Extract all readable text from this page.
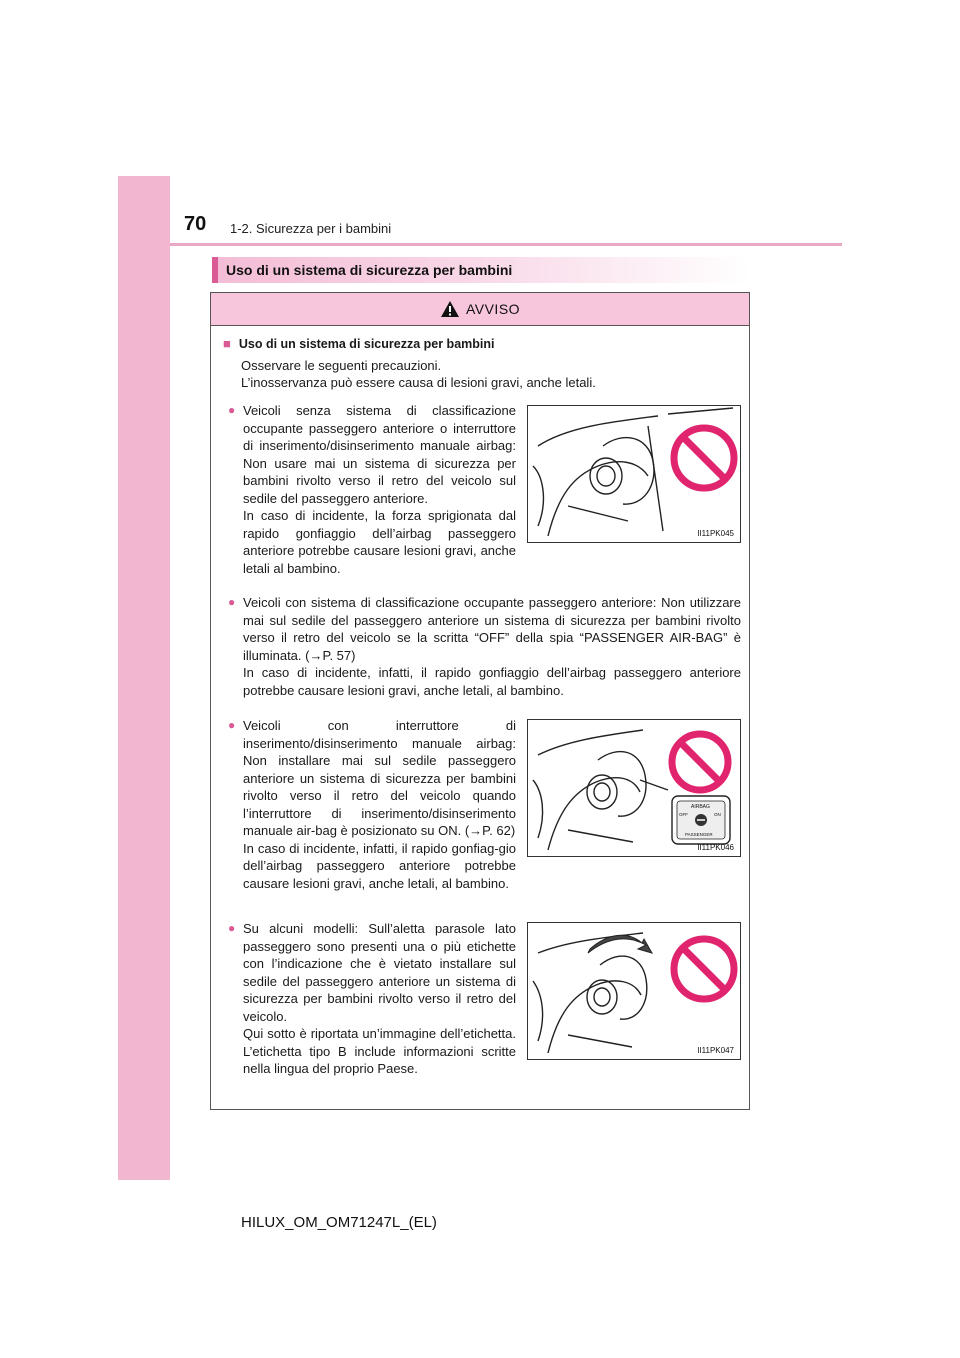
70 1-2. Sicurezza per i bambini
Uso di un sistema di sicurezza per bambini
AVVISO
■ Uso di un sistema di sicurezza per bambini
Osservare le seguenti precauzioni.
L’inosservanza può essere causa di lesioni gravi, anche letali.
● Veicoli senza sistema di classificazione occupante passeggero anteriore o interruttore di inserimento/disinserimento manuale airbag: Non usare mai un sistema di sicurezza per bambini rivolto verso il retro del veicolo sul sedile del passeggero anteriore.

In caso di incidente, la forza sprigionata dal rapido gonfiaggio dell’airbag passeggero anteriore potrebbe causare lesioni gravi, anche letali al bambino.

II11PK045
● Veicoli con sistema di classificazione occupante passeggero anteriore: Non utilizzare mai sul sedile del passeggero anteriore un sistema di sicurezza per bambini rivolto verso il retro del veicolo se la scritta “OFF” della spia “PASSENGER AIR-BAG” è illuminata. (→P. 57)

In caso di incidente, infatti, il rapido gonfiaggio dell’airbag passeggero anteriore potrebbe causare lesioni gravi, anche letali, al bambino.

● Veicoli con interruttore di inserimento/disinserimento manuale airbag: Non installare mai sul sedile passeggero anteriore un sistema di sicurezza per bambini rivolto verso il retro del veicolo quando l’interruttore di inserimento/disinserimento manuale air-bag è posizionato su ON. (→P. 62)

In caso di incidente, infatti, il rapido gonfiag-gio dell’airbag passeggero anteriore potrebbe causare lesioni gravi, anche letali, al bambino.

AIRBAG
OFF	ON
PASSENGER
II11PK046
● Su alcuni modelli: Sull’aletta parasole lato passeggero sono presenti una o più etichette con l’indicazione che è vietato installare sul sedile del passeggero anteriore un sistema di sicurezza per bambini rivolto verso il retro del veicolo.

Qui sotto è riportata un’immagine dell’etichetta. L’etichetta tipo B include informazioni scritte nella lingua del proprio Paese.

II11PK047
HILUX_OM_OM71247L_(EL)
